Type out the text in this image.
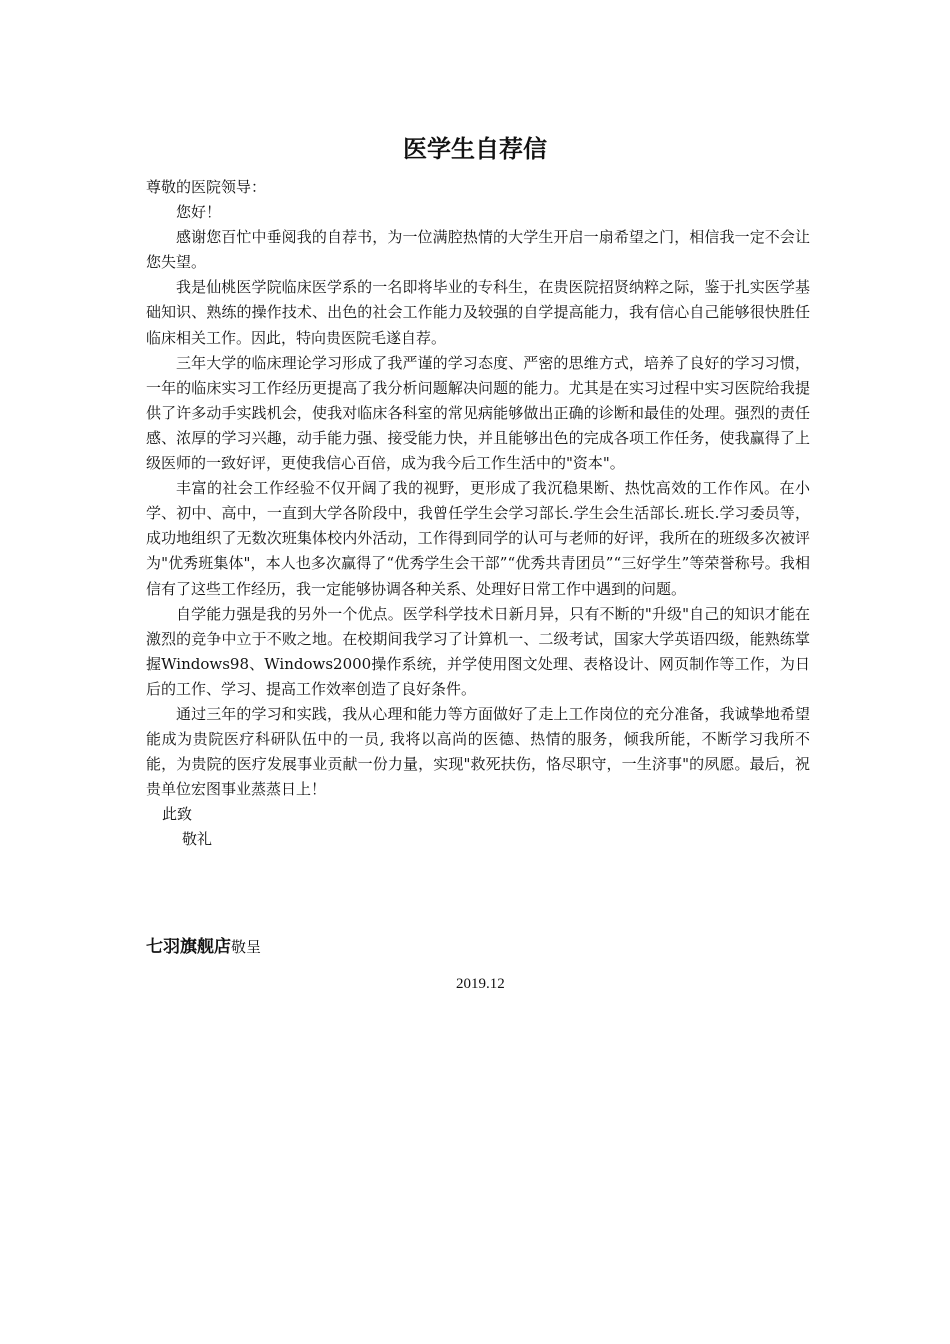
医学生自荐信

尊敬的医院领导：

您好！

感谢您百忙中垂阅我的自荐书，为一位满腔热情的大学生开启一扇希望之门，相信我一定不会让您失望。

我是仙桃医学院临床医学系的一名即将毕业的专科生，在贵医院招贤纳粹之际，鉴于扎实医学基础知识、熟练的操作技术、出色的社会工作能力及较强的自学提高能力，我有信心自己能够很快胜任临床相关工作。因此，特向贵医院毛遂自荐。

三年大学的临床理论学习形成了我严谨的学习态度、严密的思维方式，培养了良好的学习习惯，一年的临床实习工作经历更提高了我分析问题解决问题的能力。尤其是在实习过程中实习医院给我提供了许多动手实践机会，使我对临床各科室的常见病能够做出正确的诊断和最佳的处理。强烈的责任感、浓厚的学习兴趣，动手能力强、接受能力快，并且能够出色的完成各项工作任务，使我赢得了上级医师的一致好评，更使我信心百倍，成为我今后工作生活中的"资本"。

丰富的社会工作经验不仅开阔了我的视野，更形成了我沉稳果断、热忱高效的工作作风。在小学、初中、高中，一直到大学各阶段中，我曾任学生会学习部长.学生会生活部长.班长.学习委员等，成功地组织了无数次班集体校内外活动，工作得到同学的认可与老师的好评，我所在的班级多次被评为"优秀班集体"，本人也多次赢得了“优秀学生会干部”“优秀共青团员”“三好学生”等荣誉称号。我相信有了这些工作经历，我一定能够协调各种关系、处理好日常工作中遇到的问题。

自学能力强是我的另外一个优点。医学科学技术日新月异，只有不断的"升级"自己的知识才能在激烈的竞争中立于不败之地。在校期间我学习了计算机一、二级考试，国家大学英语四级，能熟练掌握Windows98、Windows2000操作系统，并学使用图文处理、表格设计、网页制作等工作，为日后的工作、学习、提高工作效率创造了良好条件。

通过三年的学习和实践，我从心理和能力等方面做好了走上工作岗位的充分准备，我诚挚地希望能成为贵院医疗科研队伍中的一员, 我将以高尚的医德、热情的服务，倾我所能，不断学习我所不能，为贵院的医疗发展事业贡献一份力量，实现"救死扶伤，恪尽职守，一生济事"的夙愿。最后，祝贵单位宏图事业蒸蒸日上！

此致

敬礼

七羽旗舰店敬呈
2019.12
